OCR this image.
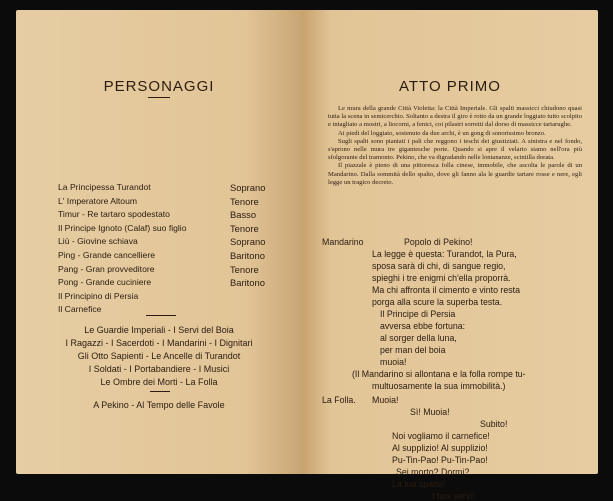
PERSONAGGI
La Principessa Turandot	Soprano
L' Imperatore Altoum	Tenore
Timur - Re tartaro spodestato	Basso
Il Principe Ignoto (Calaf) suo figlio	Tenore
Liù - Giovine schiava	Soprano
Ping - Grande cancelliere	Baritono
Pang - Gran provveditore	Tenore
Pong - Grande cuciniere	Baritono
Il Principino di Persia
Il Carnefice
Le Guardie Imperiali - I Servi del Boia
I Ragazzi - I Sacerdoti - I Mandarini - I Dignitari
Gli Otto Sapienti - Le Ancelle di Turandot
I Soldati - I Portabandiere - I Musici
Le Ombre dei Morti - La Folla
A Pekino - Al Tempo delle Favole
ATTO PRIMO

Le mura della grande Città Violetta: la Città Imperiale. Gli spalti massicci chiudono quasi tutta la scena in semicerchio. Soltanto a destra il giro è rotto da un grande loggiato tutto scolpito e intagliato a mostri, a liocorni, a fenici, coi pilastri sorretti dal dorso di massicce tartarughe.

Ai piedi del loggiato, sostenuto da due archi, è un gong di sonorissimo bronzo.

Sugli spalti sono piantati i pali che reggono i teschi dei giustiziati. A sinistra e nel fondo, s'aprono nelle mura tre gigantesche porte. Quando si apre il velario siamo nell'ora più sfolgorante del tramonto. Pekino, che va digradando nelle lontananze, scintilla dorata.

Il piazzale è pieno di una pittoresca folla cinese, immobile, che ascolta le parole di un Mandarino. Dalla sommità dello spalto, dove gli fanno ala le guardie tartare rosse e nere, egli legge un tragico decreto.

Mandarino	Popolo di Pekino!
La legge è questa: Turandot, la Pura,
sposa sarà di chi, di sangue regio,
spieghi i tre enigmi ch'ella proporrà.
Ma chi affronta il cimento e vinto resta
porga alla scure la superba testa.
Il Principe di Persia
avversa ebbe fortuna:
al sorger della luna,
per man del boia
muoia!
(Il Mandarino si allontana e la folla rompe tu-
multuosamente la sua immobilità.)
La Folla. Muoia!
Sì! Muoia!
Subito!
Noi vogliamo il carnefice!
Al supplizio! Al supplizio!
Pu-Tin-Pao! Pu-Tin-Pao!
Sei morto? Dormi?
La tua spada!
I tuoi servi!
